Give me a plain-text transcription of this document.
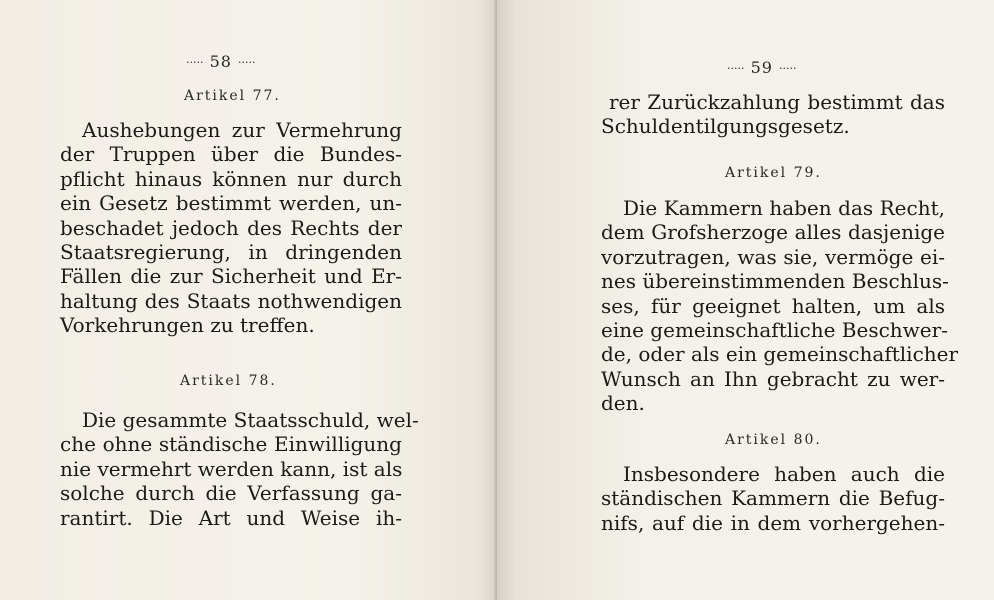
····· 58 ·····
Artikel 77.
Aushebungen zur Vermehrung
der Truppen über die Bundes-
pflicht hinaus können nur durch
ein Gesetz bestimmt werden, un-
beschadet jedoch des Rechts der
Staatsregierung, in dringenden
Fällen die zur Sicherheit und Er-
haltung des Staats nothwendigen
Vorkehrungen zu treffen.
Artikel 78.
Die gesammte Staatsschuld, wel-
che ohne ständische Einwilligung
nie vermehrt werden kann, ist als
solche durch die Verfassung ga-
rantirt. Die Art und Weise ih-
····· 59 ·····
rer Zurückzahlung bestimmt das
Schuldentilgungsgesetz.
Artikel 79.
Die Kammern haben das Recht,
dem Grofsherzoge alles dasjenige
vorzutragen, was sie, vermöge ei-
nes übereinstimmenden Beschlus-
ses, für geeignet halten, um als
eine gemeinschaftliche Beschwer-
de, oder als ein gemeinschaftlicher
Wunsch an Ihn gebracht zu wer-
den.
Artikel 80.
Insbesondere haben auch die
ständischen Kammern die Befug-
nifs, auf die in dem vorhergehen-
